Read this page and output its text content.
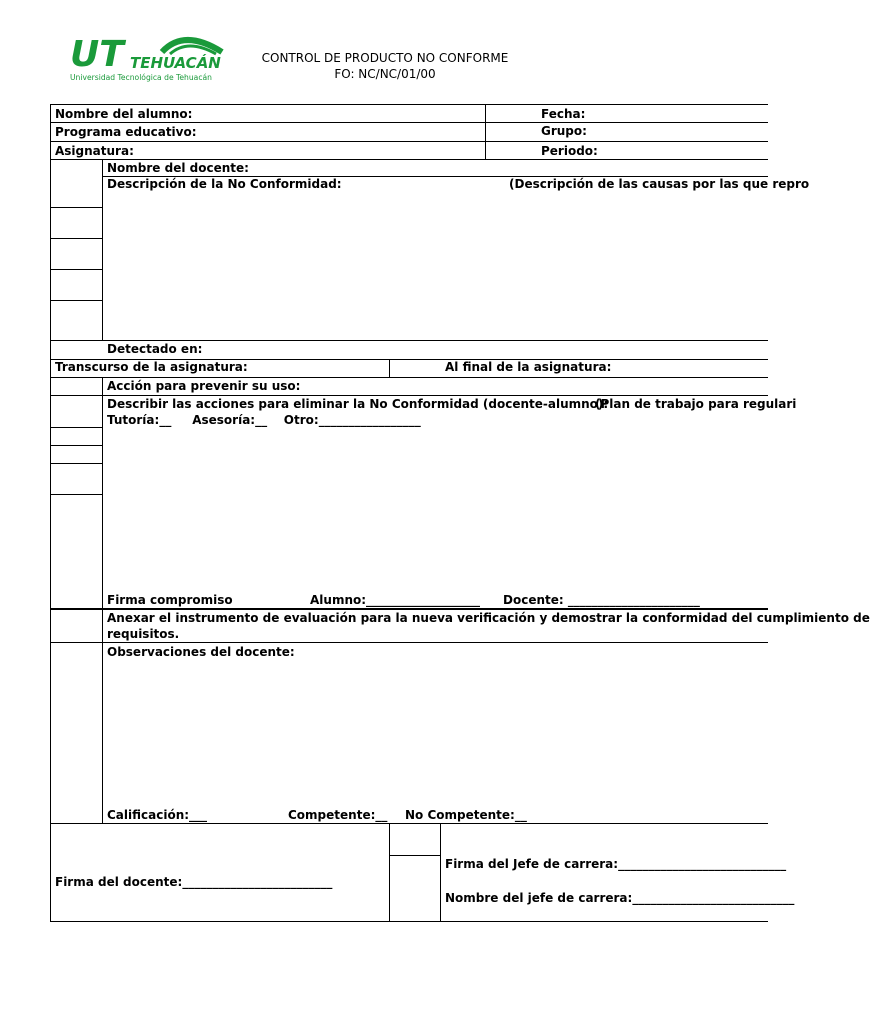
UT TEHUACÁN
Universidad Tecnológica de Tehuacán
CONTROL DE PRODUCTO NO CONFORME
FO: NC/NC/01/00
Nombre del alumno:	Fecha:
Programa educativo:	Grupo:
Asignatura:	Periodo:
Nombre del docente:
Descripción de la No Conformidad:	(Descripción de las causas por las que repro
Detectado en:
Transcurso de la asignatura:	Al final de la asignatura:
Acción para prevenir su uso:
Describir las acciones para eliminar la No Conformidad (docente-alumno):
(Plan de trabajo para regulari
Tutoría:__     Asesoría:__    Otro:_________________
Firma compromiso	Alumno:___________________ Docente: ______________________
Anexar el instrumento de evaluación para la nueva verificación y demostrar la conformidad del cumplimiento de
requisitos.
Observaciones del docente:
Calificación:___	Competente:__ No Competente:__
Firma del docente:_________________________
Firma del Jefe de carrera:____________________________
Nombre del jefe de carrera:___________________________
